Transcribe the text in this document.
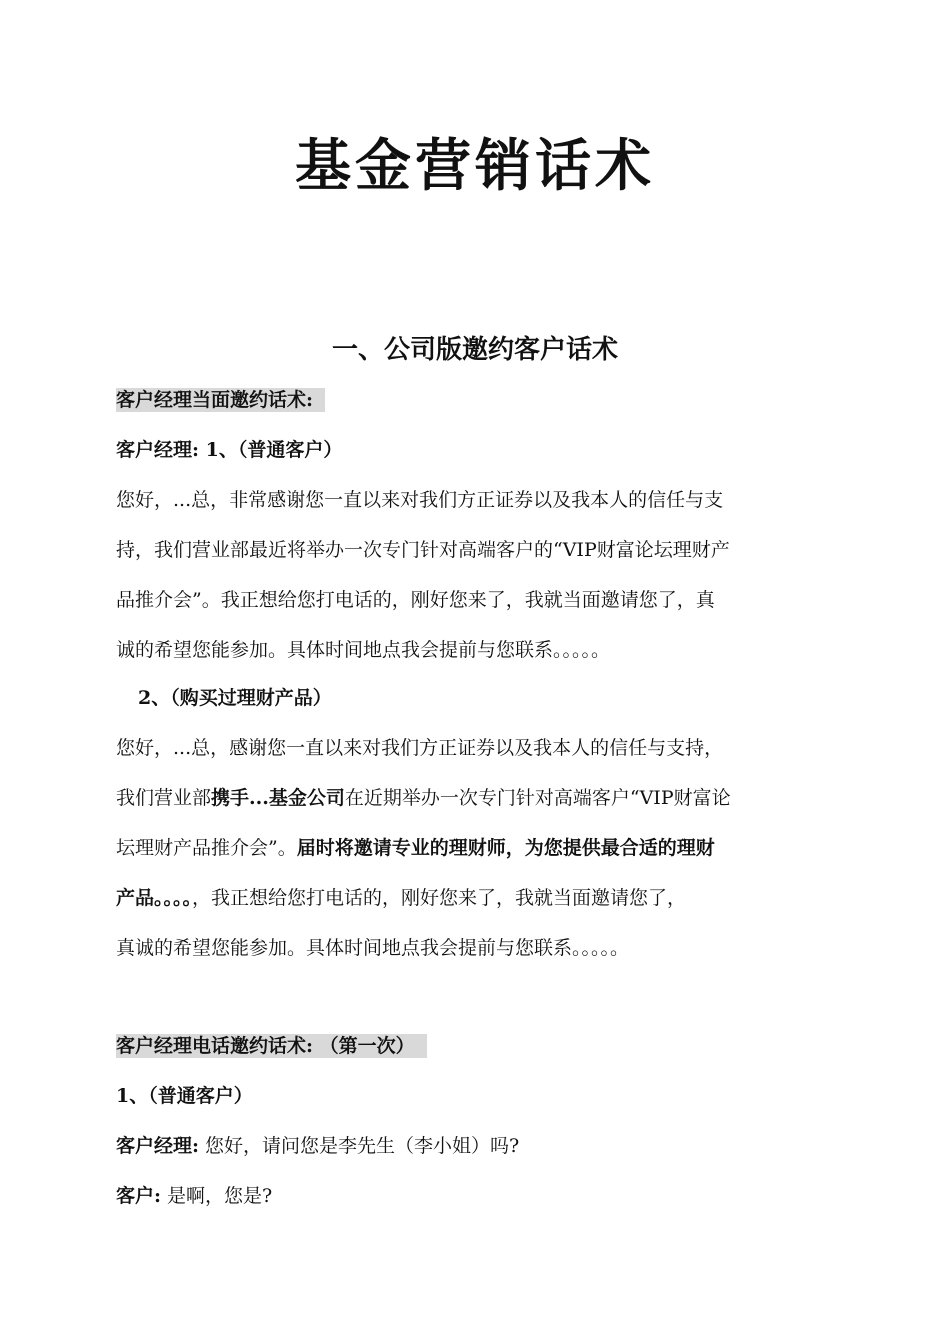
基金营销话术
一、公司版邀约客户话术
客户经理当面邀约话术:
客户经理: 1、（普通客户）
您好，...总，非常感谢您一直以来对我们方正证券以及我本人的信任与支
持，我们营业部最近将举办一次专门针对高端客户的“VIP财富论坛理财产
品推介会”。我正想给您打电话的，刚好您来了，我就当面邀请您了，真
诚的希望您能参加。具体时间地点我会提前与您联系。。。。。
2、（购买过理财产品）
您好，...总，感谢您一直以来对我们方正证券以及我本人的信任与支持，
我们营业部携手...基金公司在近期举办一次专门针对高端客户“VIP财富论
坛理财产品推介会”。届时将邀请专业的理财师，为您提供最合适的理财
产品。。。。，我正想给您打电话的，刚好您来了，我就当面邀请您了，
真诚的希望您能参加。具体时间地点我会提前与您联系。。。。。
客户经理电话邀约话术: （第一次）
1、（普通客户）
客户经理: 您好，请问您是李先生（李小姐）吗?
客户: 是啊，您是?
